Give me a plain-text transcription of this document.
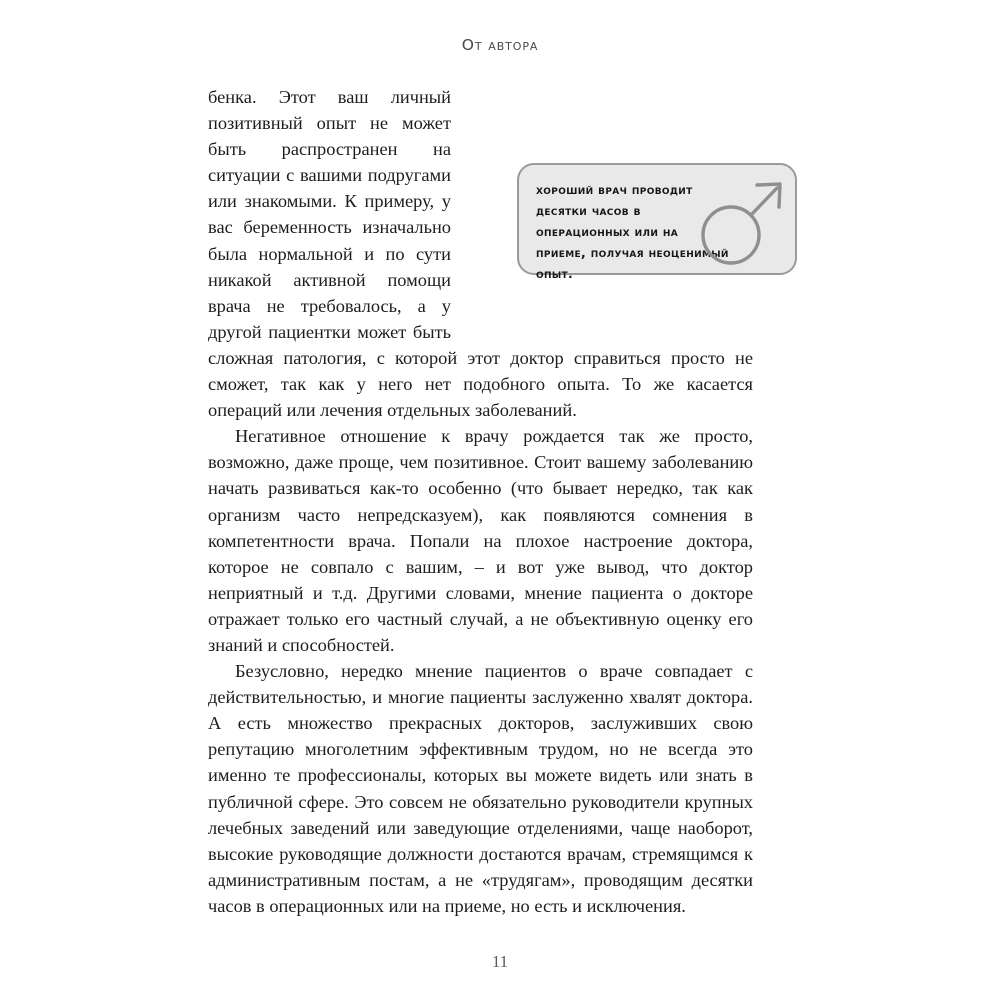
От автора

бенка. Этот ваш личный позитивный опыт не может быть распространен на ситуации с вашими подругами или знакомыми. К примеру, у вас беременность изначально была нормальной и по сути никакой активной помощи врача не требовалось, а у другой пациентки может быть сложная патология, с которой этот доктор справиться просто не сможет, так как у него нет подобного опыта. То же касается операций или лечения отдельных заболеваний.

Негативное отношение к врачу рождается так же просто, возможно, даже проще, чем позитивное. Стоит вашему заболеванию начать развиваться как-то особенно (что бывает нередко, так как организм часто непредсказуем), как появляются сомнения в компетентности врача. Попали на плохое настроение доктора, которое не совпало с вашим, – и вот уже вывод, что доктор неприятный и т.д. Другими словами, мнение пациента о докторе отражает только его частный случай, а не объективную оценку его знаний и способностей.

Безусловно, нередко мнение пациентов о враче совпадает с действительностью, и многие пациенты заслуженно хвалят доктора. А есть множество прекрасных докторов, заслуживших свою репутацию многолетним эффективным трудом, но не всегда это именно те профессионалы, которых вы можете видеть или знать в публичной сфере. Это совсем не обязательно руководители крупных лечебных заведений или заведующие отделениями, чаще наоборот, высокие руководящие должности достаются врачам, стремящимся к административным постам, а не «трудягам», проводящим десятки часов в операционных или на приеме, но есть и исключения.

хороший врач проводит десятки часов в операционных или на приеме, получая неоценимый опыт.
11
